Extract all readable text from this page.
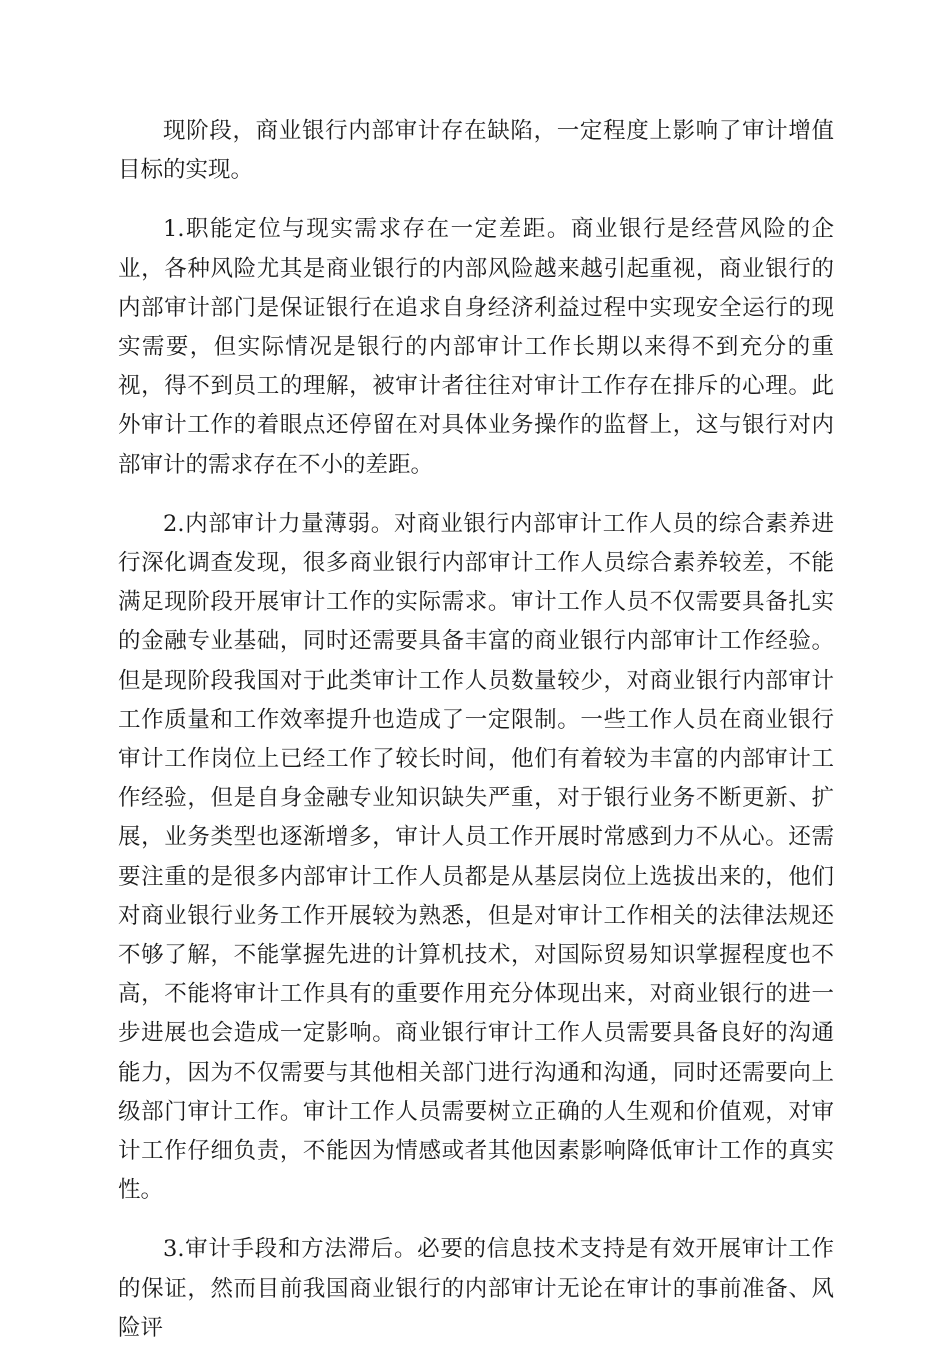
现阶段，商业银行内部审计存在缺陷，一定程度上影响了审计增值目标的实现。

1.职能定位与现实需求存在一定差距。商业银行是经营风险的企业，各种风险尤其是商业银行的内部风险越来越引起重视，商业银行的内部审计部门是保证银行在追求自身经济利益过程中实现安全运行的现实需要，但实际情况是银行的内部审计工作长期以来得不到充分的重视，得不到员工的理解，被审计者往往对审计工作存在排斥的心理。此外审计工作的着眼点还停留在对具体业务操作的监督上，这与银行对内部审计的需求存在不小的差距。

2.内部审计力量薄弱。对商业银行内部审计工作人员的综合素养进行深化调查发现，很多商业银行内部审计工作人员综合素养较差，不能满足现阶段开展审计工作的实际需求。审计工作人员不仅需要具备扎实的金融专业基础，同时还需要具备丰富的商业银行内部审计工作经验。但是现阶段我国对于此类审计工作人员数量较少，对商业银行内部审计工作质量和工作效率提升也造成了一定限制。一些工作人员在商业银行审计工作岗位上已经工作了较长时间，他们有着较为丰富的内部审计工作经验，但是自身金融专业知识缺失严重，对于银行业务不断更新、扩展，业务类型也逐渐增多，审计人员工作开展时常感到力不从心。还需要注重的是很多内部审计工作人员都是从基层岗位上选拔出来的，他们对商业银行业务工作开展较为熟悉，但是对审计工作相关的法律法规还不够了解，不能掌握先进的计算机技术，对国际贸易知识掌握程度也不高，不能将审计工作具有的重要作用充分体现出来，对商业银行的进一步进展也会造成一定影响。商业银行审计工作人员需要具备良好的沟通能力，因为不仅需要与其他相关部门进行沟通和沟通，同时还需要向上级部门审计工作。审计工作人员需要树立正确的人生观和价值观，对审计工作仔细负责，不能因为情感或者其他因素影响降低审计工作的真实性。

3.审计手段和方法滞后。必要的信息技术支持是有效开展审计工作的保证，然而目前我国商业银行的内部审计无论在审计的事前准备、风险评
